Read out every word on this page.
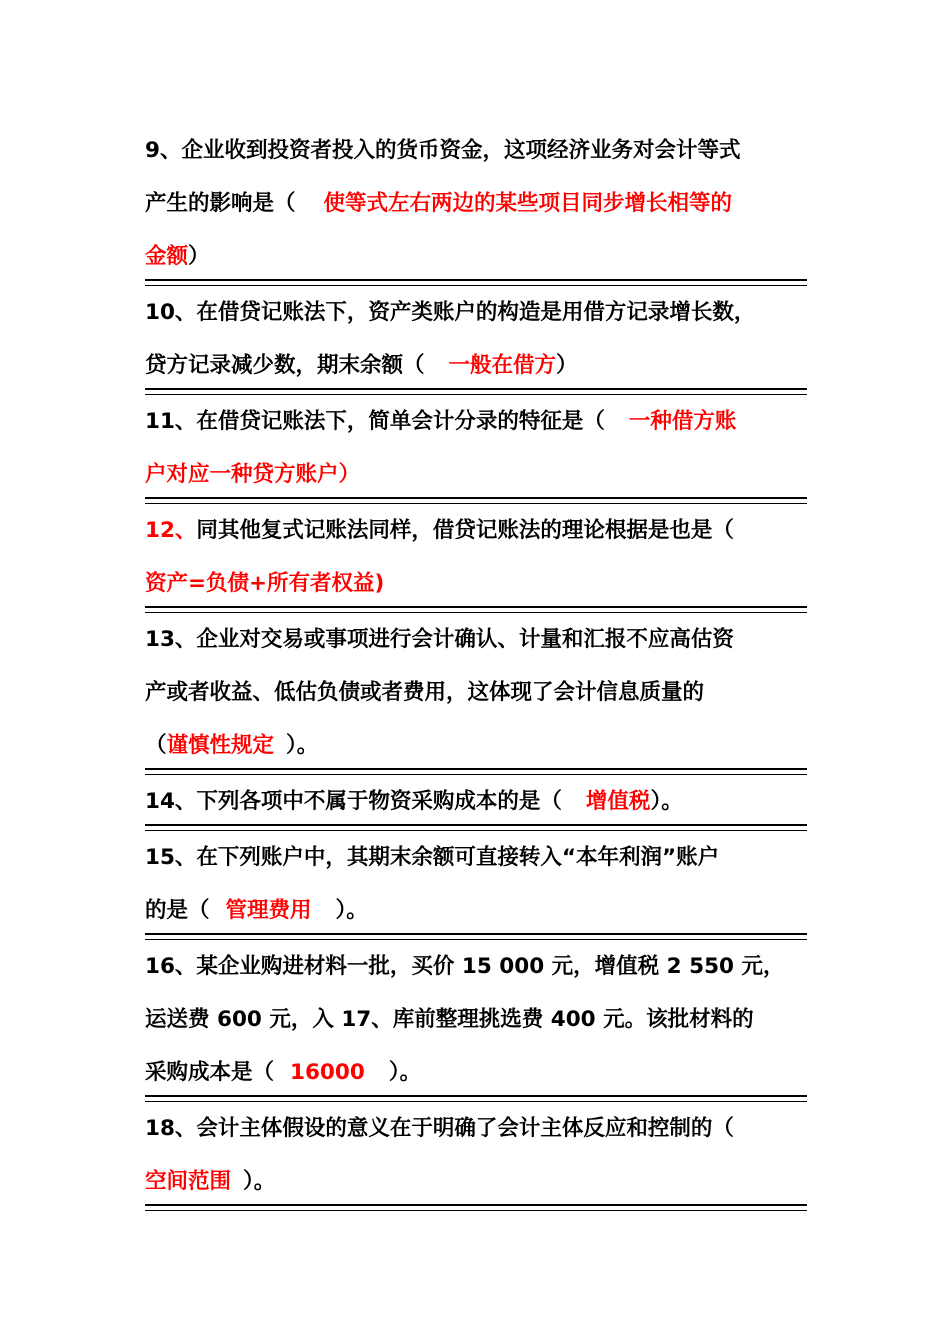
9、企业收到投资者投入的货币资金，这项经济业务对会计等式
产生的影响是（ 使等式左右两边的某些项目同步增长相等的
金额）
10、在借贷记账法下，资产类账户的构造是用借方记录增长数，
贷方记录减少数，期末余额（ 一般在借方）
11、在借贷记账法下，简单会计分录的特征是（ 一种借方账
户对应一种贷方账户）
12、同其他复式记账法同样，借贷记账法的理论根据是也是（
资产=负债+所有者权益)
13、企业对交易或事项进行会计确认、计量和汇报不应高估资
产或者收益、低估负债或者费用，这体现了会计信息质量的
（谨慎性规定 ）。
14、下列各项中不属于物资采购成本的是（ 增值税）。
15、在下列账户中，其期末余额可直接转入“本年利润”账户
的是（ 管理费用 ）。
16、某企业购进材料一批，买价 15 000 元，增值税 2 550 元，
运送费 600 元，入 17、库前整理挑选费 400 元。该批材料的
采购成本是（ 16000 ）。
18、会计主体假设的意义在于明确了会计主体反应和控制的（
空间范围 ）。
